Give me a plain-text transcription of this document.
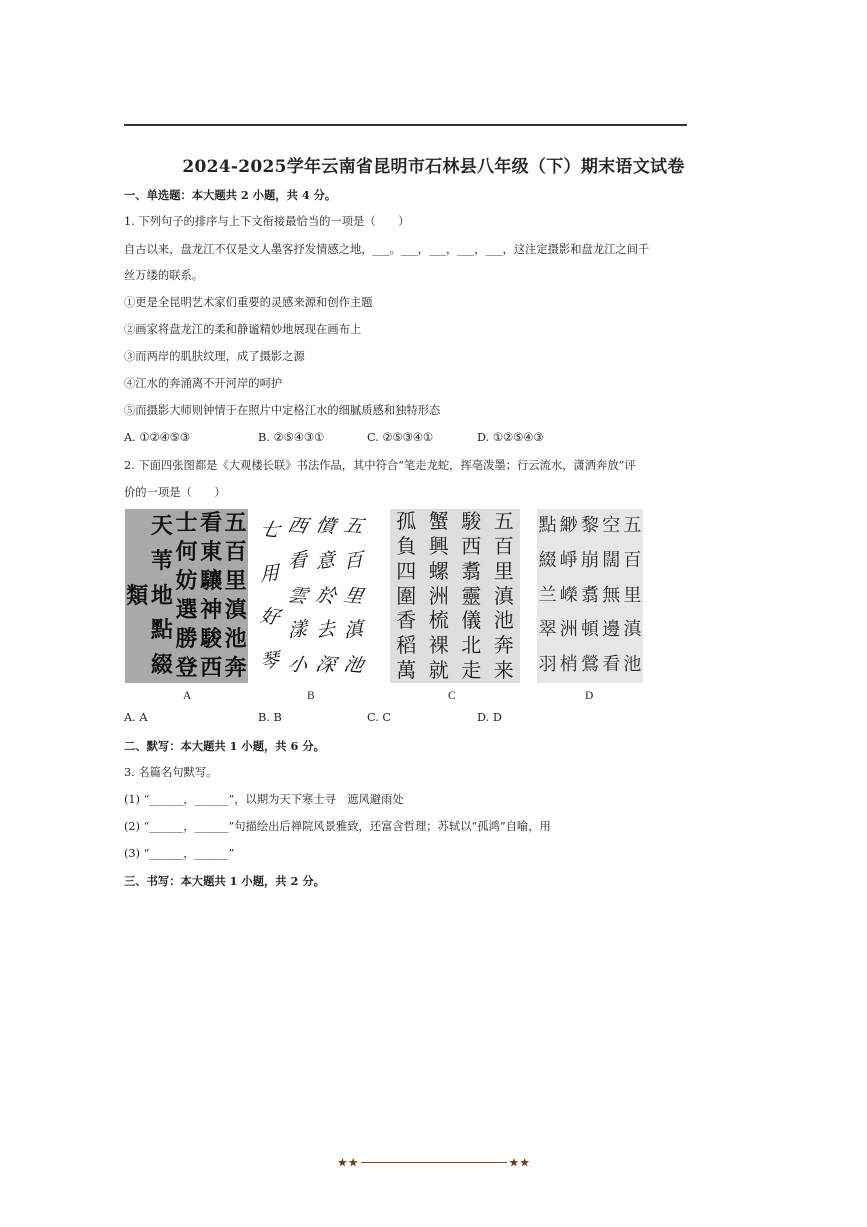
2024-2025学年云南省昆明市石林县八年级（下）期末语文试卷
一、单选题：本大题共 2 小题，共 4 分。
1. 下列句子的排序与上下文衔接最恰当的一项是（　　）
自古以来，盘龙江不仅是文人墨客抒发情感之地，___。___，___，___，___，这注定摄影和盘龙江之间千
丝万缕的联系。
①更是全昆明艺术家们重要的灵感来源和创作主题
②画家将盘龙江的柔和静谧精妙地展现在画布上
③而两岸的肌肤纹理，成了摄影之源
④江水的奔涌离不开河岸的呵护
⑤而摄影大师则钟情于在照片中定格江水的细腻质感和独特形态
A. ①②④⑤③	B. ②⑤④③①	C. ②⑤③④①	D. ①②⑤④③
2. 下面四张图都是《大观楼长联》书法作品，其中符合“笔走龙蛇，挥亳泼墨；行云流水，潇洒奔放”评
价的一项是（　　）
五
百
里
滇
池
奔
看
東
驤
神
駿
西
士
何
妨
選
勝
登
天
苇
地
點
綴
類
五
百
里
滇
池
憤
意
於
去
深
西
看
雲
漾
小
七
用
好
琴
五
百
里
滇
池
奔
来
駿
西
翥
靈
儀
北
走
蟹
興
螺
洲
梳
裸
就
孤
負
四
圍
香
稻
萬
五
百
里
滇
池
空
闊
無
邊
看
黎
崩
翥
頓
鶯
緲
崢
嶸
洲
梢
點
綴
兰
翠
羽
A	B	C	D
A. A	B. B	C. C	D. D
二、默写：本大题共 1 小题，共 6 分。
3. 名篇名句默写。
(1) “______，______”，以期为天下寒士寻　遮风避雨处
(2) “______，______”句描绘出后禅院风景雅致，还富含哲理；苏轼以“孤鸿”自喻，用
(3) “______，______”
三、书写：本大题共 1 小题，共 2 分。
★★	★★
